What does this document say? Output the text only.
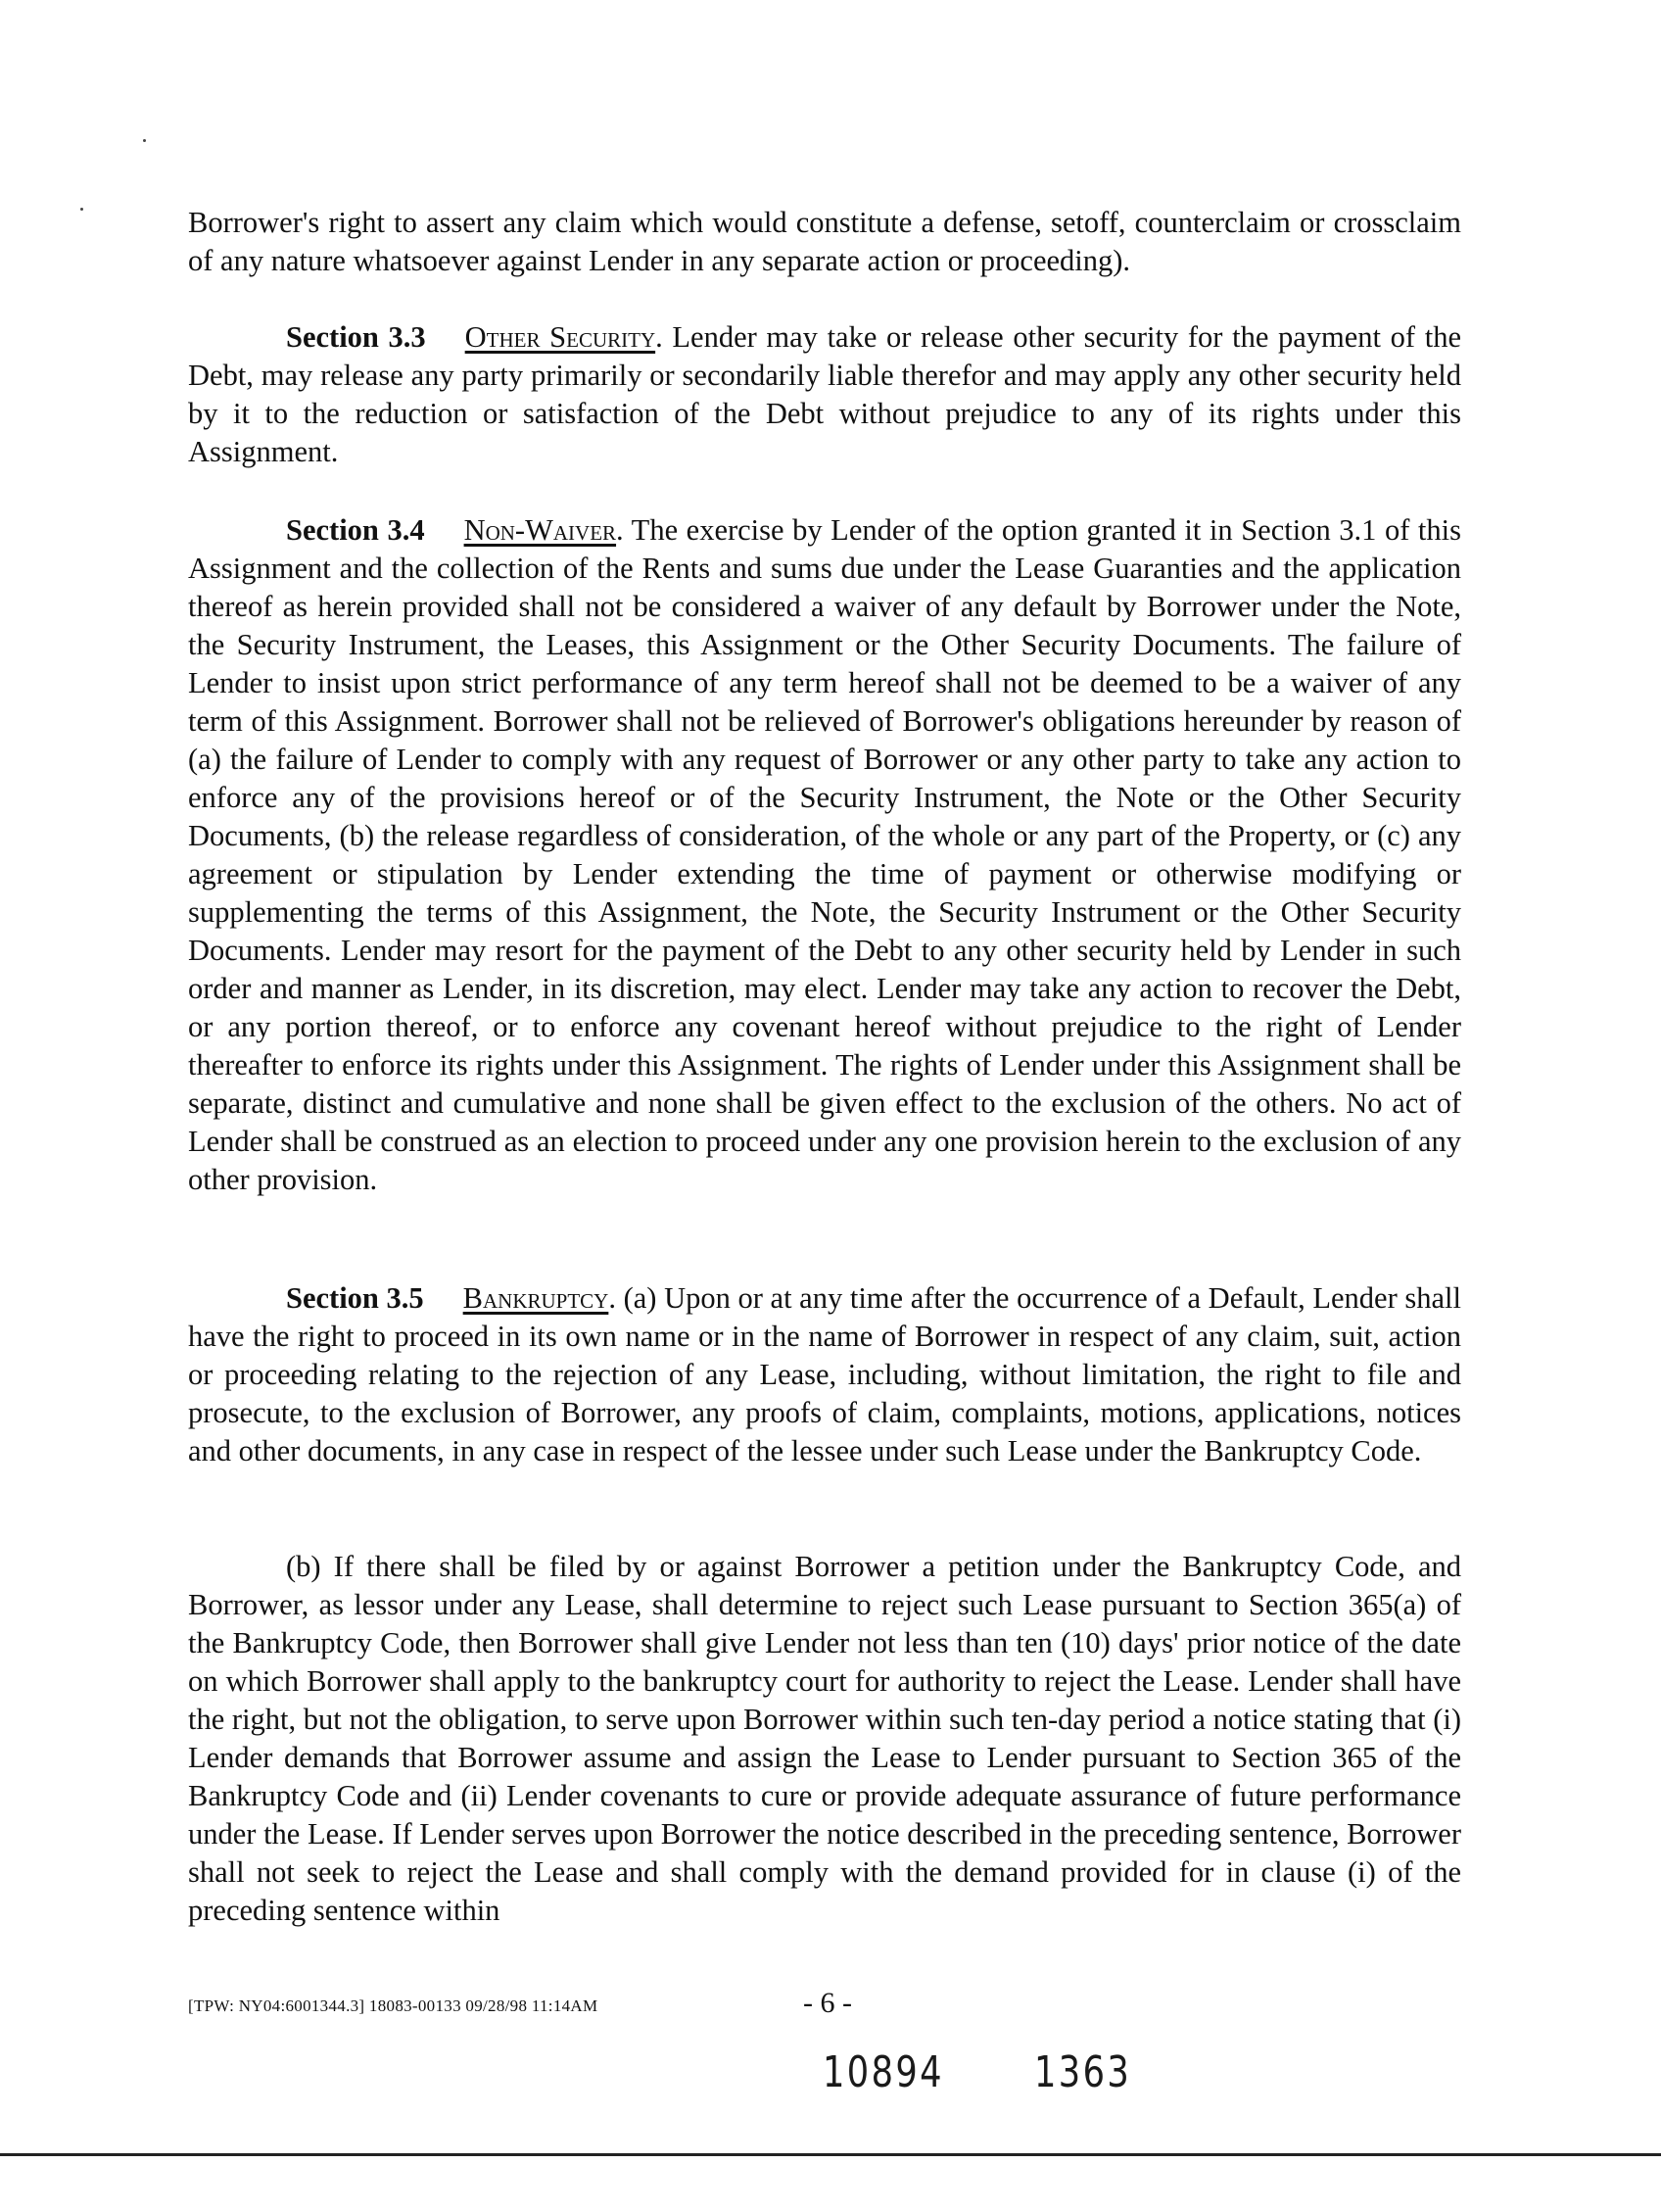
Borrower's right to assert any claim which would constitute a defense, setoff, counterclaim or crossclaim of any nature whatsoever against Lender in any separate action or proceeding).

Section 3.3 Other Security. Lender may take or release other security for the payment of the Debt, may release any party primarily or secondarily liable therefor and may apply any other security held by it to the reduction or satisfaction of the Debt without prejudice to any of its rights under this Assignment.

Section 3.4 Non-Waiver. The exercise by Lender of the option granted it in Section 3.1 of this Assignment and the collection of the Rents and sums due under the Lease Guaranties and the application thereof as herein provided shall not be considered a waiver of any default by Borrower under the Note, the Security Instrument, the Leases, this Assignment or the Other Security Documents. The failure of Lender to insist upon strict performance of any term hereof shall not be deemed to be a waiver of any term of this Assignment. Borrower shall not be relieved of Borrower's obligations hereunder by reason of (a) the failure of Lender to comply with any request of Borrower or any other party to take any action to enforce any of the provisions hereof or of the Security Instrument, the Note or the Other Security Documents, (b) the release regardless of consideration, of the whole or any part of the Property, or (c) any agreement or stipulation by Lender extending the time of payment or otherwise modifying or supplementing the terms of this Assignment, the Note, the Security Instrument or the Other Security Documents. Lender may resort for the payment of the Debt to any other security held by Lender in such order and manner as Lender, in its discretion, may elect. Lender may take any action to recover the Debt, or any portion thereof, or to enforce any covenant hereof without prejudice to the right of Lender thereafter to enforce its rights under this Assignment. The rights of Lender under this Assignment shall be separate, distinct and cumulative and none shall be given effect to the exclusion of the others. No act of Lender shall be construed as an election to proceed under any one provision herein to the exclusion of any other provision.

Section 3.5 Bankruptcy. (a) Upon or at any time after the occurrence of a Default, Lender shall have the right to proceed in its own name or in the name of Borrower in respect of any claim, suit, action or proceeding relating to the rejection of any Lease, including, without limitation, the right to file and prosecute, to the exclusion of Borrower, any proofs of claim, complaints, motions, applications, notices and other documents, in any case in respect of the lessee under such Lease under the Bankruptcy Code.

(b) If there shall be filed by or against Borrower a petition under the Bankruptcy Code, and Borrower, as lessor under any Lease, shall determine to reject such Lease pursuant to Section 365(a) of the Bankruptcy Code, then Borrower shall give Lender not less than ten (10) days' prior notice of the date on which Borrower shall apply to the bankruptcy court for authority to reject the Lease. Lender shall have the right, but not the obligation, to serve upon Borrower within such ten-day period a notice stating that (i) Lender demands that Borrower assume and assign the Lease to Lender pursuant to Section 365 of the Bankruptcy Code and (ii) Lender covenants to cure or provide adequate assurance of future performance under the Lease. If Lender serves upon Borrower the notice described in the preceding sentence, Borrower shall not seek to reject the Lease and shall comply with the demand provided for in clause (i) of the preceding sentence within

[TPW: NY04:6001344.3] 18083-00133 09/28/98 11:14AM	- 6 -
10894 1363
